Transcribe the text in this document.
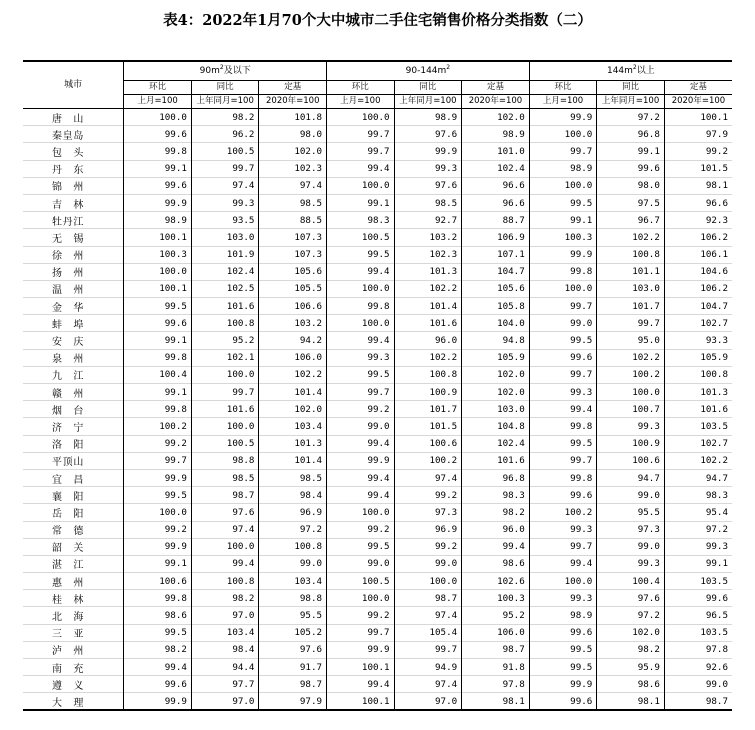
表4：2022年1月70个大中城市二手住宅销售价格分类指数（二）
城市	$90m^2$及以下			$90-144m^2$			$144m^2$以上		
	环比	同比	定基	环比	同比	定基	环比	同比	定基
	上月=100	上年同月=100	2020年=100	上月=100	上年同月=100	2020年=100	上月=100	上年同月=100	2020年=100
唐山	100.0	98.2	101.8	100.0	98.9	102.0	99.9	97.2	100.1
秦皇岛	99.6	96.2	98.0	99.7	97.6	98.9	100.0	96.8	97.9
包头	99.8	100.5	102.0	99.7	99.9	101.0	99.7	99.1	99.2
丹东	99.1	99.7	102.3	99.4	99.3	102.4	98.9	99.6	101.5
锦州	99.6	97.4	97.4	100.0	97.6	96.6	100.0	98.0	98.1
吉林	99.9	99.3	98.5	99.1	98.5	96.6	99.5	97.5	96.6
牡丹江	98.9	93.5	88.5	98.3	92.7	88.7	99.1	96.7	92.3
无锡	100.1	103.0	107.3	100.5	103.2	106.9	100.3	102.2	106.2
徐州	100.3	101.9	107.3	99.5	102.3	107.1	99.9	100.8	106.1
扬州	100.0	102.4	105.6	99.4	101.3	104.7	99.8	101.1	104.6
温州	100.1	102.5	105.5	100.0	102.2	105.6	100.0	103.0	106.2
金华	99.5	101.6	106.6	99.8	101.4	105.8	99.7	101.7	104.7
蚌埠	99.6	100.8	103.2	100.0	101.6	104.0	99.0	99.7	102.7
安庆	99.1	95.2	94.2	99.4	96.0	94.8	99.5	95.0	93.3
泉州	99.8	102.1	106.0	99.3	102.2	105.9	99.6	102.2	105.9
九江	100.4	100.0	102.2	99.5	100.8	102.0	99.7	100.2	100.8
赣州	99.1	99.7	101.4	99.7	100.9	102.0	99.3	100.0	101.3
烟台	99.8	101.6	102.0	99.2	101.7	103.0	99.4	100.7	101.6
济宁	100.2	100.0	103.4	99.0	101.5	104.8	99.8	99.3	103.5
洛阳	99.2	100.5	101.3	99.4	100.6	102.4	99.5	100.9	102.7
平顶山	99.7	98.8	101.4	99.9	100.2	101.6	99.7	100.6	102.2
宜昌	99.9	98.5	98.5	99.4	97.4	96.8	99.8	94.7	94.7
襄阳	99.5	98.7	98.4	99.4	99.2	98.3	99.6	99.0	98.3
岳阳	100.0	97.6	96.9	100.0	97.3	98.2	100.2	95.5	95.4
常德	99.2	97.4	97.2	99.2	96.9	96.0	99.3	97.3	97.2
韶关	99.9	100.0	100.8	99.5	99.2	99.4	99.7	99.0	99.3
湛江	99.1	99.4	99.0	99.0	99.0	98.6	99.4	99.3	99.1
惠州	100.6	100.8	103.4	100.5	100.0	102.6	100.0	100.4	103.5
桂林	99.8	98.2	98.8	100.0	98.7	100.3	99.3	97.6	99.6
北海	98.6	97.0	95.5	99.2	97.4	95.2	98.9	97.2	96.5
三亚	99.5	103.4	105.2	99.7	105.4	106.0	99.6	102.0	103.5
泸州	98.2	98.4	97.6	99.9	99.7	98.7	99.5	98.2	97.8
南充	99.4	94.4	91.7	100.1	94.9	91.8	99.5	95.9	92.6
遵义	99.6	97.7	98.7	99.4	97.4	97.8	99.9	98.6	99.0
大理	99.9	97.0	97.9	100.1	97.0	98.1	99.6	98.1	98.7
